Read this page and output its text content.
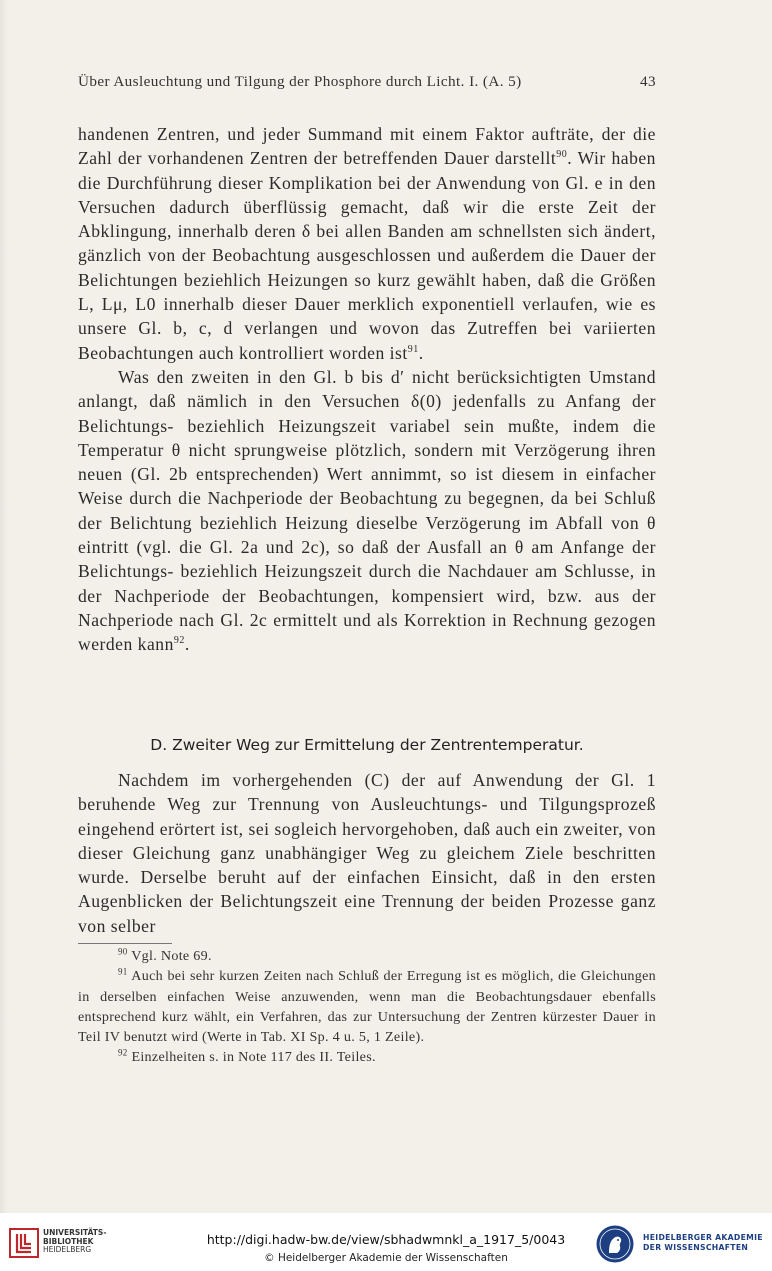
Über Ausleuchtung und Tilgung der Phosphore durch Licht. I. (A. 5)	43

handenen Zentren, und jeder Summand mit einem Faktor aufträte, der die Zahl der vorhandenen Zentren der betreffenden Dauer darstellt$^{90}$. Wir haben die Durchführung dieser Komplikation bei der Anwendung von Gl. e in den Versuchen dadurch überflüssig gemacht, daß wir die erste Zeit der Abklingung, innerhalb deren δ bei allen Banden am schnellsten sich ändert, gänzlich von der Beobachtung ausgeschlossen und außerdem die Dauer der Belichtungen beziehlich Heizungen so kurz gewählt haben, daß die Größen L, Lμ, L0 innerhalb dieser Dauer merklich exponentiell verlaufen, wie es unsere Gl. b, c, d verlangen und wovon das Zutreffen bei variierten Beobachtungen auch kontrolliert worden ist$^{91}$.

Was den zweiten in den Gl. b bis d′ nicht berücksichtigten Umstand anlangt, daß nämlich in den Versuchen δ(0) jedenfalls zu Anfang der Belichtungs- beziehlich Heizungszeit variabel sein mußte, indem die Temperatur θ nicht sprungweise plötzlich, sondern mit Verzögerung ihren neuen (Gl. 2b entsprechenden) Wert annimmt, so ist diesem in einfacher Weise durch die Nachperiode der Beobachtung zu begegnen, da bei Schluß der Belichtung beziehlich Heizung dieselbe Verzögerung im Abfall von θ eintritt (vgl. die Gl. 2a und 2c), so daß der Ausfall an θ am Anfange der Belichtungs- beziehlich Heizungszeit durch die Nachdauer am Schlusse, in der Nachperiode der Beobachtungen, kompensiert wird, bzw. aus der Nachperiode nach Gl. 2c ermittelt und als Korrektion in Rechnung gezogen werden kann$^{92}$.

D. Zweiter Weg zur Ermittelung der Zentrentemperatur.

Nachdem im vorhergehenden (C) der auf Anwendung der Gl. 1 beruhende Weg zur Trennung von Ausleuchtungs- und Tilgungsprozeß eingehend erörtert ist, sei sogleich hervorgehoben, daß auch ein zweiter, von dieser Gleichung ganz unabhängiger Weg zu gleichem Ziele beschritten wurde. Derselbe beruht auf der einfachen Einsicht, daß in den ersten Augenblicken der Belichtungszeit eine Trennung der beiden Prozesse ganz von selber

$^{90}$ Vgl. Note 69.

$^{91}$ Auch bei sehr kurzen Zeiten nach Schluß der Erregung ist es möglich, die Gleichungen in derselben einfachen Weise anzuwenden, wenn man die Beobachtungsdauer ebenfalls entsprechend kurz wählt, ein Verfahren, das zur Untersuchung der Zentren kürzester Dauer in Teil IV benutzt wird (Werte in Tab. XI Sp. 4 u. 5, 1 Zeile).

$^{92}$ Einzelheiten s. in Note 117 des II. Teiles.

UNIVERSITÄTS-
BIBLIOTHEK
HEIDELBERG
http://digi.hadw-bw.de/view/sbhadwmnkl_a_1917_5/0043
© Heidelberger Akademie der Wissenschaften
HEIDELBERGER AKADEMIE
DER WISSENSCHAFTEN
